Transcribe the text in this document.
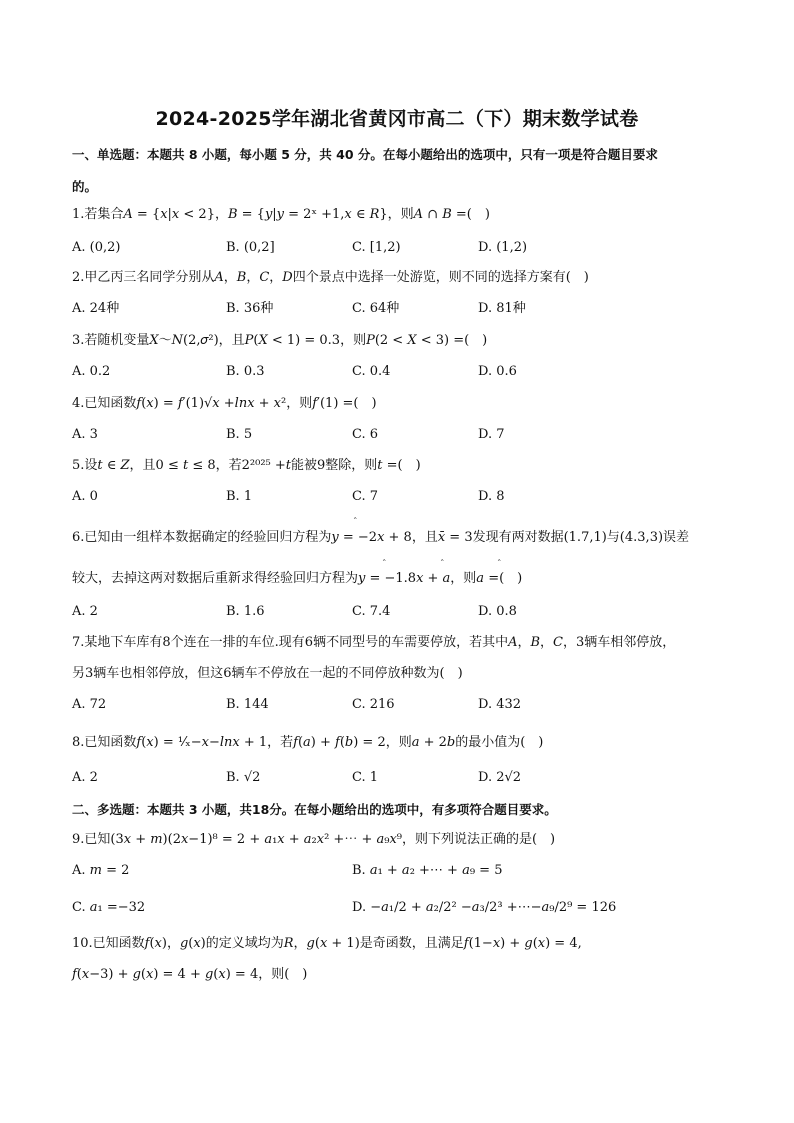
2024-2025学年湖北省黄冈市高二（下）期末数学试卷
一、单选题：本题共 8 小题，每小题 5 分，共 40 分。在每小题给出的选项中，只有一项是符合题目要求
的。
1.若集合𝐴 = {𝑥|𝑥 < 2}，𝐵 = {𝑦|𝑦 = 2ˣ +1,𝑥 ∈ 𝑅}，则𝐴 ∩ 𝐵 =(　)
A. (0,2)	B. (0,2]	C. [1,2)	D. (1,2)
2.甲乙丙三名同学分别从𝐴，𝐵，𝐶，𝐷四个景点中选择一处游览，则不同的选择方案有(　)
A. 24种	B. 36种	C. 64种	D. 81种
3.若随机变量𝑋～𝑁(2,𝜎²)，且𝑃(𝑋 < 1) = 0.3，则𝑃(2 < 𝑋 < 3) =(　)
A. 0.2	B. 0.3	C. 0.4	D. 0.6
4.已知函数𝑓(𝑥) = 𝑓′(1)√𝑥 +𝑙𝑛𝑥 + 𝑥²，则𝑓′(1) =(　)
A. 3	B. 5	C. 6	D. 7
5.设𝑡 ∈ 𝑍，且0 ≤ 𝑡 ≤ 8，若2²⁰²⁵ +𝑡能被9整除，则𝑡 =(　)
A. 0	B. 1	C. 7	D. 8
ˆ
6.已知由一组样本数据确定的经验回归方程为𝑦 = −2𝑥 + 8，且𝑥̄ = 3发现有两对数据(1.7,1)与(4.3,3)误差
ˆ	ˆ	ˆ
较大，去掉这两对数据后重新求得经验回归方程为𝑦 = −1.8𝑥 + 𝑎，则𝑎 =(　)
A. 2	B. 1.6	C. 7.4	D. 0.8
7.某地下车库有8个连在一排的车位.现有6辆不同型号的车需要停放，若其中𝐴，𝐵，𝐶，3辆车相邻停放，
另3辆车也相邻停放，但这6辆车不停放在一起的不同停放种数为(　)
A. 72	B. 144	C. 216	D. 432
8.已知函数𝑓(𝑥) = ¹⁄ₓ−𝑥−𝑙𝑛𝑥 + 1，若𝑓(𝑎) + 𝑓(𝑏) = 2，则𝑎 + 2𝑏的最小值为(　)
A. 2	B. √2	C. 1	D. 2√2
二、多选题：本题共 3 小题，共18分。在每小题给出的选项中，有多项符合题目要求。
9.已知(3𝑥 + 𝑚)(2𝑥−1)⁸ = 2 + 𝑎₁𝑥 + 𝑎₂𝑥² +⋯ + 𝑎₉𝑥⁹，则下列说法正确的是(　)
A. 𝑚 = 2	B. 𝑎₁ + 𝑎₂ +⋯ + 𝑎₉ = 5
C. 𝑎₁ =−32	D. −𝑎₁/2 + 𝑎₂/2² −𝑎₃/2³ +⋯−𝑎₉/2⁹ = 126
10.已知函数𝑓(𝑥)，𝑔(𝑥)的定义域均为𝑅，𝑔(𝑥 + 1)是奇函数，且满足𝑓(1−𝑥) + 𝑔(𝑥) = 4,
𝑓(𝑥−3) + 𝑔(𝑥) = 4 + 𝑔(𝑥) = 4，则(　)
